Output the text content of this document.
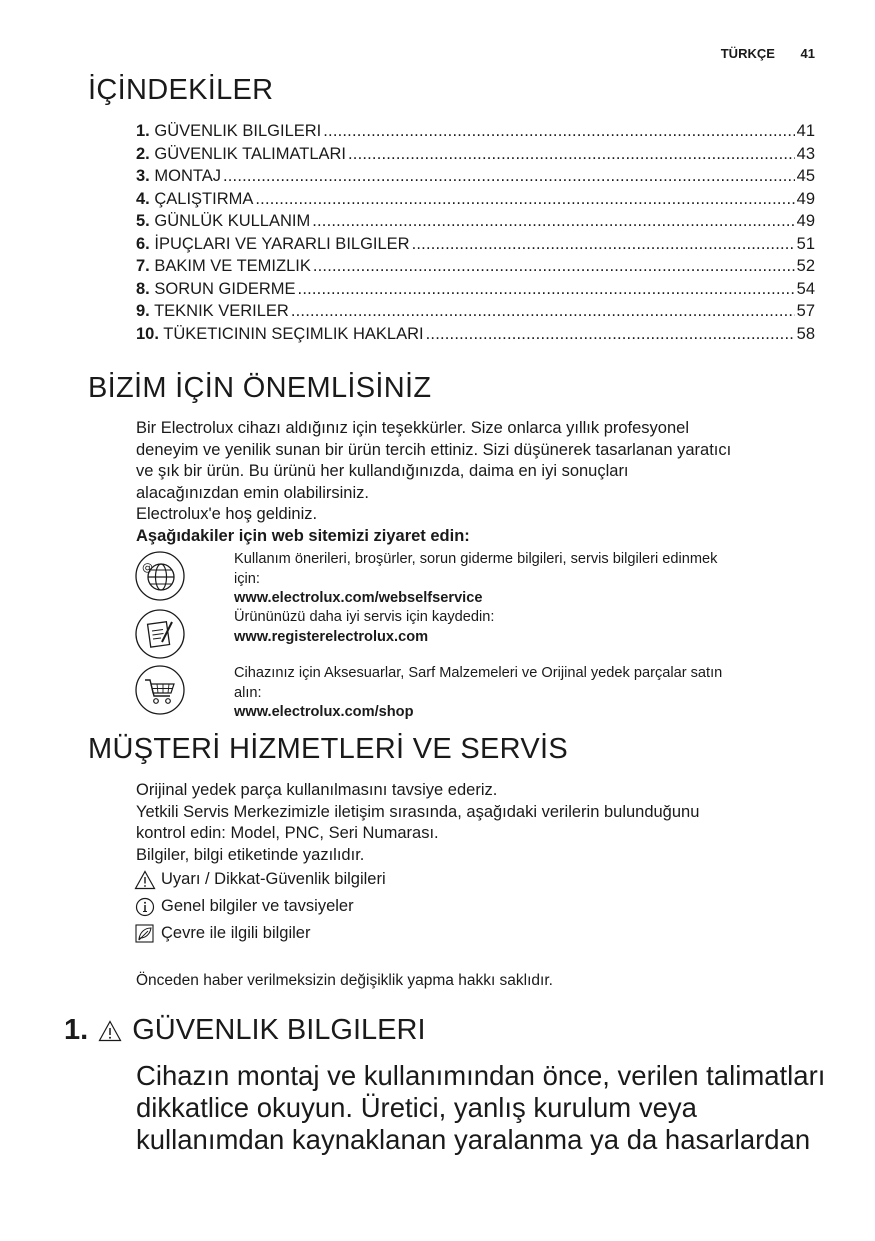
TÜRKÇE 41
İÇİNDEKİLER
1. GÜVENLIK BILGILERI .....	41
2. GÜVENLIK TALIMATLARI .....	43
3. MONTAJ .....	45
4. ÇALIŞTIRMA .....	49
5. GÜNLÜK KULLANIM .....	49
6. İPUÇLARI VE YARARLI BILGILER .....	51
7. BAKIM VE TEMIZLIK .....	52
8. SORUN GIDERME .....	54
9. TEKNIK VERILER .....	57
10. TÜKETICININ SEÇIMLIK HAKLARI .....	58
BİZİM İÇİN ÖNEMLİSİNİZ

Bir Electrolux cihazı aldığınız için teşekkürler. Size onlarca yıllık profesyonel

deneyim ve yenilik sunan bir ürün tercih ettiniz. Sizi düşünerek tasarlanan yaratıcı

ve şık bir ürün. Bu ürünü her kullandığınızda, daima en iyi sonuçları

alacağınızdan emin olabilirsiniz.

Electrolux'e hoş geldiniz.

Aşağıdakiler için web sitemizi ziyaret edin:

@
Kullanım önerileri, broşürler, sorun giderme bilgileri, servis bilgileri edinmek
için:
www.electrolux.com/webselfservice
Ürününüzü daha iyi servis için kaydedin:
www.registerelectrolux.com
Cihazınız için Aksesuarlar, Sarf Malzemeleri ve Orijinal yedek parçalar satın
alın:
www.electrolux.com/shop
MÜŞTERİ HİZMETLERİ VE SERVİS

Orijinal yedek parça kullanılmasını tavsiye ederiz.

Yetkili Servis Merkezimizle iletişim sırasında, aşağıdaki verilerin bulunduğunu

kontrol edin: Model, PNC, Seri Numarası.

Bilgiler, bilgi etiketinde yazılıdır.

Uyarı / Dikkat-Güvenlik bilgileri
Genel bilgiler ve tavsiyeler
Çevre ile ilgili bilgiler
Önceden haber verilmeksizin değişiklik yapma hakkı saklıdır.
1. GÜVENLIK BILGILERI
Cihazın montaj ve kullanımından önce, verilen talimatları
dikkatlice okuyun. Üretici, yanlış kurulum veya
kullanımdan kaynaklanan yaralanma ya da hasarlardan
